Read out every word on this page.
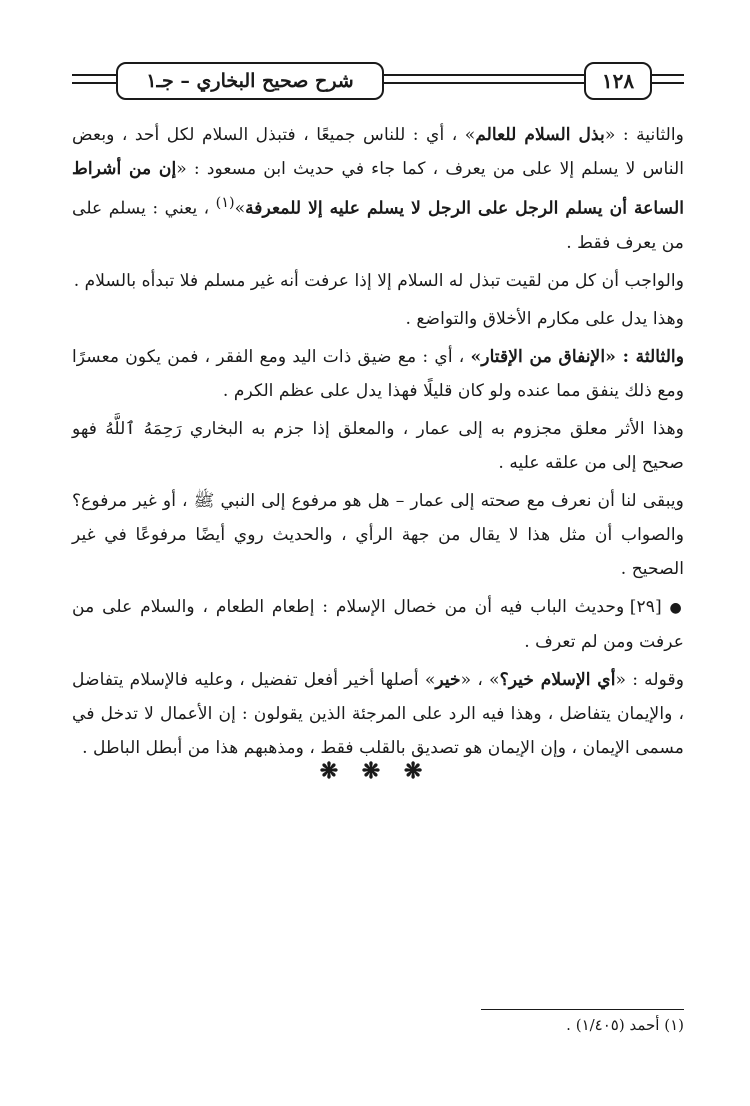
شرح صحيح البخاري – جـ١	١٢٨

والثانية : «بذل السلام للعالم» ، أي : للناس جميعًا ، فتبذل السلام لكل أحد ، وبعض الناس لا يسلم إلا على من يعرف ، كما جاء في حديث ابن مسعود : «إن من أشراط الساعة أن يسلم الرجل على الرجل لا يسلم عليه إلا للمعرفة»$^{(١)}$ ، يعني : يسلم على من يعرف فقط .

والواجب أن كل من لقيت تبذل له السلام إلا إذا عرفت أنه غير مسلم فلا تبدأه بالسلام .

وهذا يدل على مكارم الأخلاق والتواضع .

والثالثة : «الإنفاق من الإقتار» ، أي : مع ضيق ذات اليد ومع الفقر ، فمن يكون معسرًا ومع ذلك ينفق مما عنده ولو كان قليلًا فهذا يدل على عظم الكرم .

وهذا الأثر معلق مجزوم به إلى عمار ، والمعلق إذا جزم به البخاري رَحِمَهُ ٱللَّهُ فهو صحيح إلى من علقه عليه .

ويبقى لنا أن نعرف مع صحته إلى عمار – هل هو مرفوع إلى النبي ﷺ ، أو غير مرفوع؟ والصواب أن مثل هذا لا يقال من جهة الرأي ، والحديث روي أيضًا مرفوعًا في غير الصحيح .

● [٢٩] وحديث الباب فيه أن من خصال الإسلام : إطعام الطعام ، والسلام على من عرفت ومن لم تعرف .

وقوله : «أي الإسلام خير؟» ، «خير» أصلها أخير أفعل تفضيل ، وعليه فالإسلام يتفاضل ، والإيمان يتفاضل ، وهذا فيه الرد على المرجئة الذين يقولون : إن الأعمال لا تدخل في مسمى الإيمان ، وإن الإيمان هو تصديق بالقلب فقط ، ومذهبهم هذا من أبطل الباطل .

❋ ❋ ❋
(١) أحمد (١/٤٠٥) .
